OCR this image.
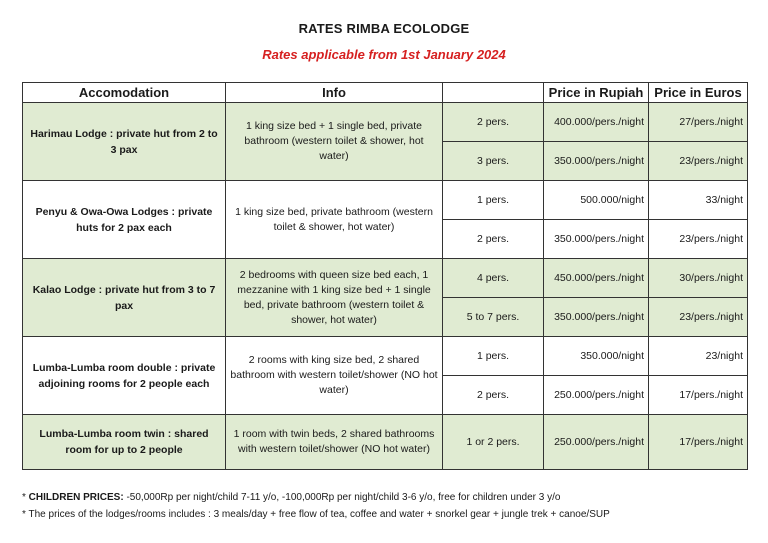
RATES RIMBA ECOLODGE
Rates applicable from 1st January 2024
Accomodation	Info		Price in Rupiah	Price in Euros
Harimau Lodge : private hut from 2 to 3 pax	1 king size bed + 1 single bed, private bathroom (western toilet & shower, hot water)	2 pers.	400.000/pers./night	27/pers./night
		3 pers.	350.000/pers./night	23/pers./night
Penyu & Owa-Owa Lodges : private huts for 2 pax each	1 king size bed, private bathroom (western toilet & shower, hot water)	1 pers.	500.000/night	33/night
		2 pers.	350.000/pers./night	23/pers./night
Kalao Lodge : private hut from 3 to 7 pax	2 bedrooms with queen size bed each, 1 mezzanine with 1 king size bed + 1 single bed, private bathroom (western toilet & shower, hot water)	4 pers.	450.000/pers./night	30/pers./night
		5 to 7 pers.	350.000/pers./night	23/pers./night
Lumba-Lumba room double : private adjoining rooms for 2 people each	2 rooms with king size bed, 2 shared bathroom with western toilet/shower (NO hot water)	1 pers.	350.000/night	23/night
		2 pers.	250.000/pers./night	17/pers./night
Lumba-Lumba room twin : shared room for up to 2 people	1 room with twin beds, 2 shared bathrooms with western toilet/shower (NO hot water)	1 or 2 pers.	250.000/pers./night	17/pers./night
* CHILDREN PRICES: -50,000Rp per night/child 7-11 y/o, -100,000Rp per night/child 3-6 y/o, free for children under 3 y/o
* The prices of the lodges/rooms includes : 3 meals/day + free flow of tea, coffee and water + snorkel gear + jungle trek + canoe/SUP
